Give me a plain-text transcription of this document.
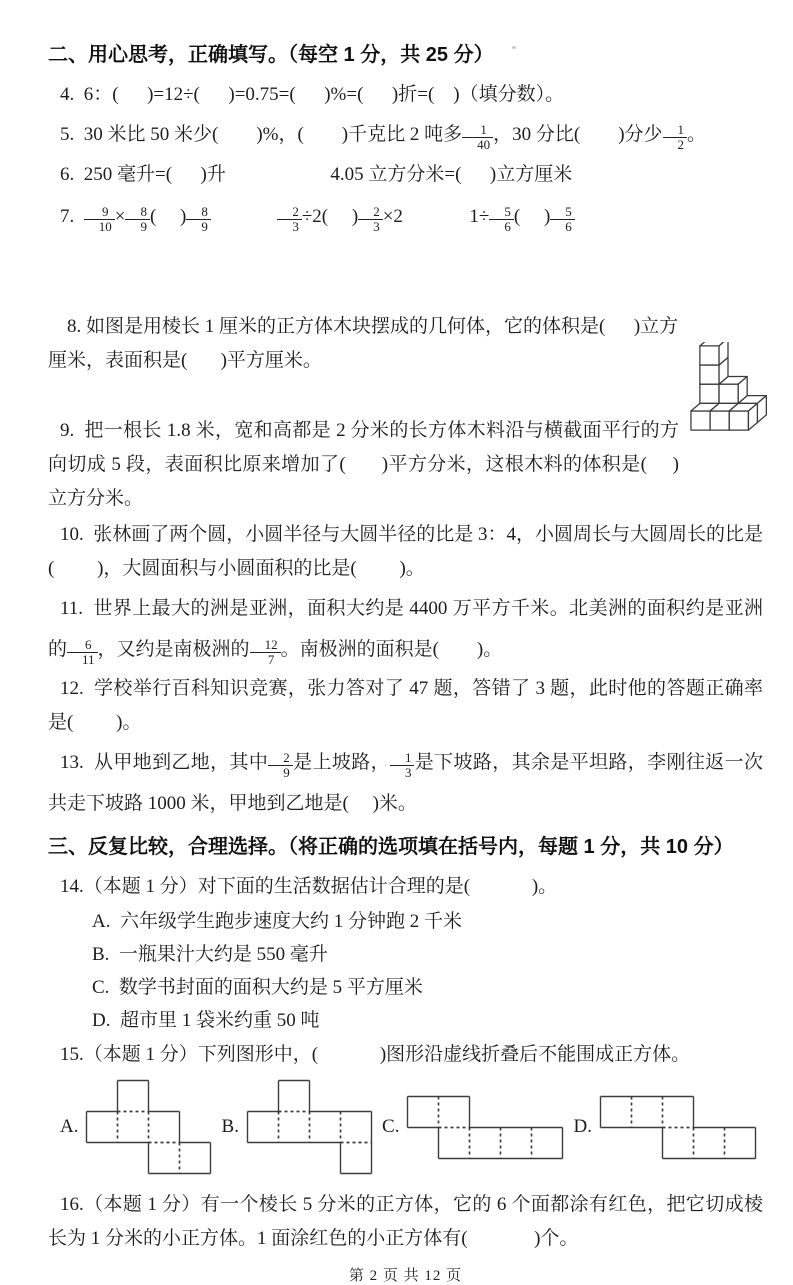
二、用心思考，正确填写。（每空 1 分，共 25 分）

4.  6：(      )=12÷(      )=0.75=(      )%=(      )折=(    )（填分数）。

5.  30 米比 50 米少(        )%，(        )千克比 2 吨多 $\frac{1}{40}$ ，30 分比(        )分少 $\frac{1}{2}$ 。

6.  250 毫升=(      )升                      4.05 立方分米=(      )立方厘米

7. $\frac{9}{10} \times \frac{8}{9}$ (     ) $\frac{8}{9}$
	$\frac{2}{3} \div 2$(     ) $\frac{2}{3} \times 2$              $1\div \frac{5}{6}$ (     ) $\frac{5}{6}$

8. 如图是用棱长 1 厘米的正方体木块摆成的几何体，它的体积是(      )立方厘米，表面积是(       )平方厘米。

9.  把一根长 1.8 米，宽和高都是 2 分米的长方体木料沿与横截面平行的方向切成 5 段，表面积比原来增加了(       )平方分米，这根木料的体积是(     )立方分米。

10.  张林画了两个圆，小圆半径与大圆半径的比是 3：4，小圆周长与大圆周长的比是(         )，大圆面积与小圆面积的比是(         )。

11.  世界上最大的洲是亚洲，面积大约是 4400 万平方千米。北美洲的面积约是亚洲的 $\frac{6}{11}$ ，又约是南极洲的 $\frac{12}{7}$ 。南极洲的面积是(        )。

12.  学校举行百科知识竞赛，张力答对了 47 题，答错了 3 题，此时他的答题正确率是(         )。

13.  从甲地到乙地，其中 $\frac{2}{9}$ 是上坡路， $\frac{1}{3}$ 是下坡路，其余是平坦路，李刚往返一次共走下坡路 1000 米，甲地到乙地是(     )米。

三、反复比较，合理选择。（将正确的选项填在括号内，每题 1 分，共 10 分）

14.（本题 1 分）对下面的生活数据估计合理的是(             )。

A.  六年级学生跑步速度大约 1 分钟跑 2 千米

B.  一瓶果汁大约是 550 毫升

C.  数学书封面的面积大约是 5 平方厘米

D.  超市里 1 袋米约重 50 吨

15.（本题 1 分）下列图形中，(             )图形沿虚线折叠后不能围成正方体。

A.	B.	C.	D.

16.（本题 1 分）有一个棱长 5 分米的正方体，它的 6 个面都涂有红色，把它切成棱长为 1 分米的小正方体。1 面涂红色的小正方体有(              )个。

第 2 页 共 12 页
